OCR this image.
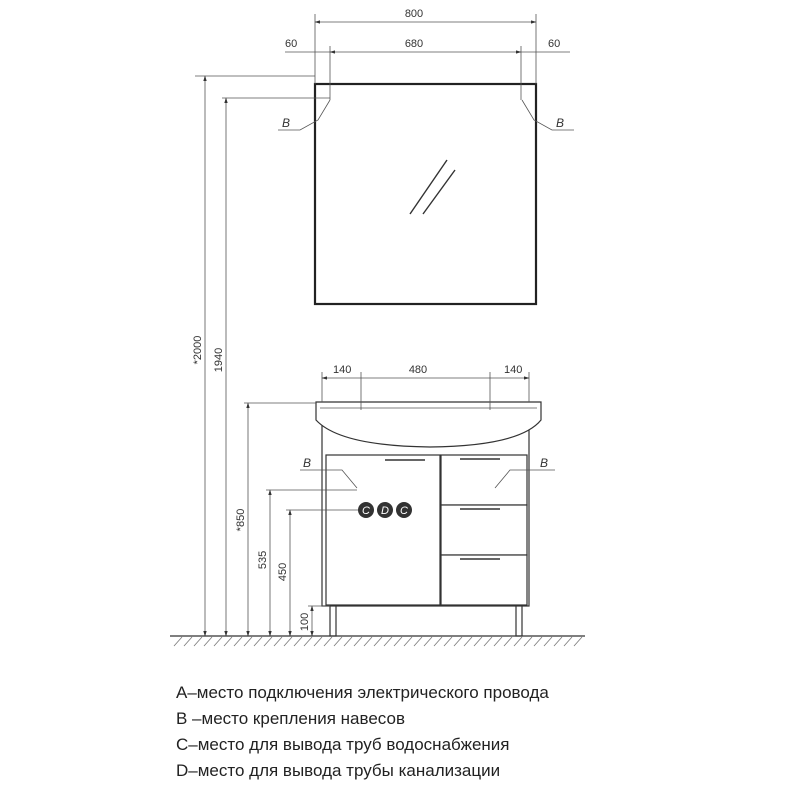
B	B
800
680
60	60
B	B
C D C
140	480	140
*2000 1940
*850
535
450
100
A–место подключения электрического провода
B –место крепления навесов
C–место для вывода труб водоснабжения
D–место для вывода трубы канализации
